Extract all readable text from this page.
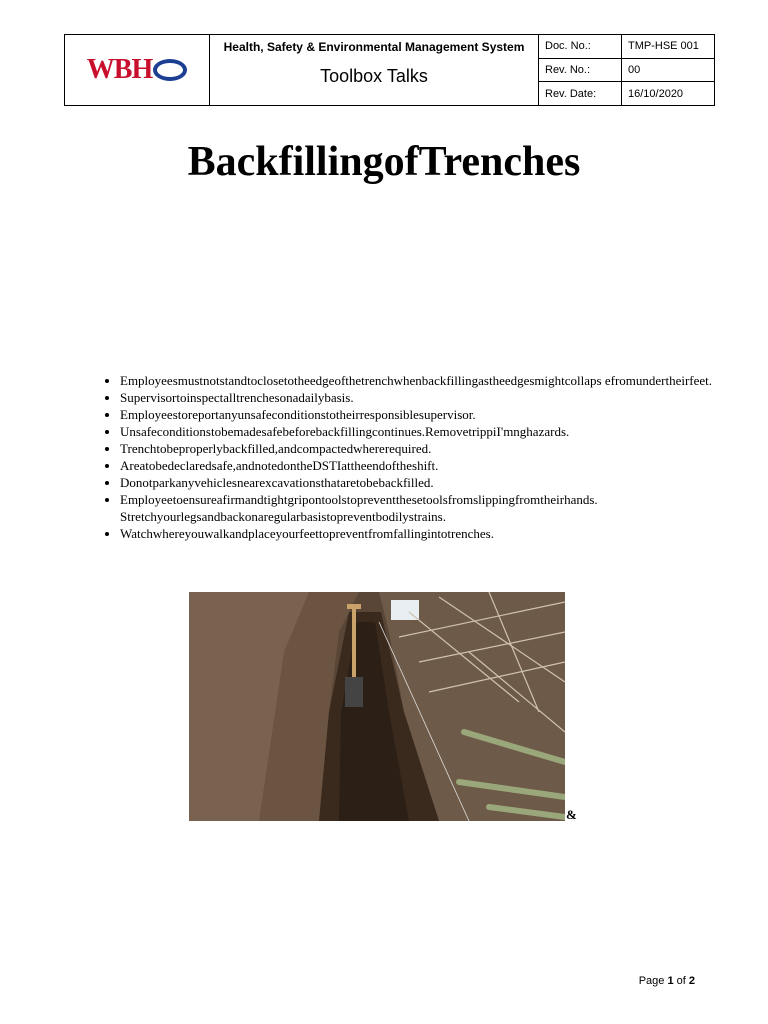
WBH	Health, Safety & Environmental Management System
Toolbox Talks	Doc. No.:	TMP-HSE 001
		Rev. No.:	00
		Rev. Date:	16/10/2020
BackfillingofTrenches
• Employeesmustnotstandtoclosetotheedgeofthetrenchwhenbackfillingastheedgesmightcollaps efromundertheirfeet.
• Supervisortoinspectalltrenchesonadailybasis.
• Employeestoreportanyunsafeconditionstotheirresponsiblesupervisor.
• Unsafeconditionstobemadesafebeforebackfillingcontinues.RemovetrippiI'mnghazards.
• Trenchtobeproperlybackfilled,andcompactedwhererequired.
• Areatobedeclaredsafe,andnotedontheDSTIattheendoftheshift.
• Donotparkanyvehiclesnearexcavationsthataretobebackfilled.
• Employeetoensureafirmandtightgripontoolstopreventthesetoolsfromslippingfromtheirhands. Stretchyourlegsandbackonaregularbasistopreventbodilystrains.
• Watchwhereyouwalkandplaceyourfeettopreventfromfallingintotrenches.
&
Page 1 of 2
